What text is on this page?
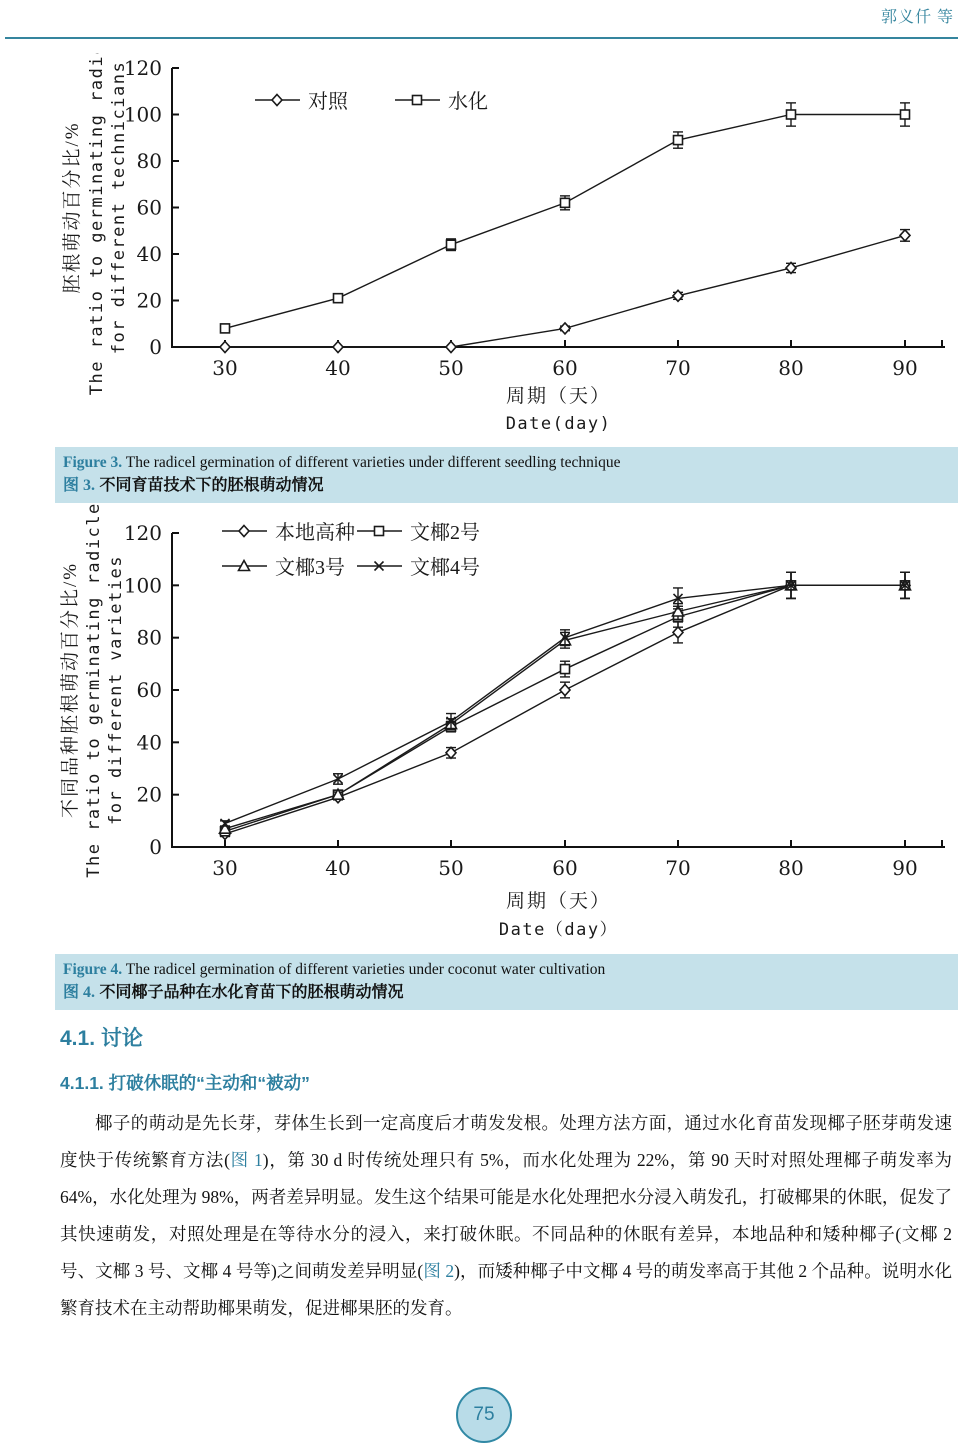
郭义仟 等
0
20
40
60
80
100
120
30	40	50	60	70	80	90
周期（天）
Date(day)
胚根萌动百分比/% The ratio to germinating radicle for different technicians	对照	水化
Figure 3. The radicel germination of different varieties under different seedling technique
图 3. 不同育苗技术下的胚根萌动情况
0
20
40
60
80
100
120
30	40	50	60	70	80	90
周期（天）
Date（day）
不同品种胚根萌动百分比/% The ratio to germinating radicle for different varieties
本地高种	文椰2号
文椰3号	文椰4号
Figure 4. The radicel germination of different varieties under coconut water cultivation
图 4. 不同椰子品种在水化育苗下的胚根萌动情况
4.1. 讨论
4.1.1. 打破休眠的“主动和“被动”

椰子的萌动是先长芽，芽体生长到一定高度后才萌发发根。处理方法方面，通过水化育苗发现椰子胚芽萌发速度快于传统繁育方法(图 1)，第 30 d 时传统处理只有 5%，而水化处理为 22%，第 90 天时对照处理椰子萌发率为 64%，水化处理为 98%，两者差异明显。发生这个结果可能是水化处理把水分浸入萌发孔，打破椰果的休眠，促发了其快速萌发，对照处理是在等待水分的浸入，来打破休眠。不同品种的休眠有差异，本地品种和矮种椰子(文椰 2 号、文椰 3 号、文椰 4 号等)之间萌发差异明显(图 2)，而矮种椰子中文椰 4 号的萌发率高于其他 2 个品种。说明水化繁育技术在主动帮助椰果萌发，促进椰果胚的发育。

75
